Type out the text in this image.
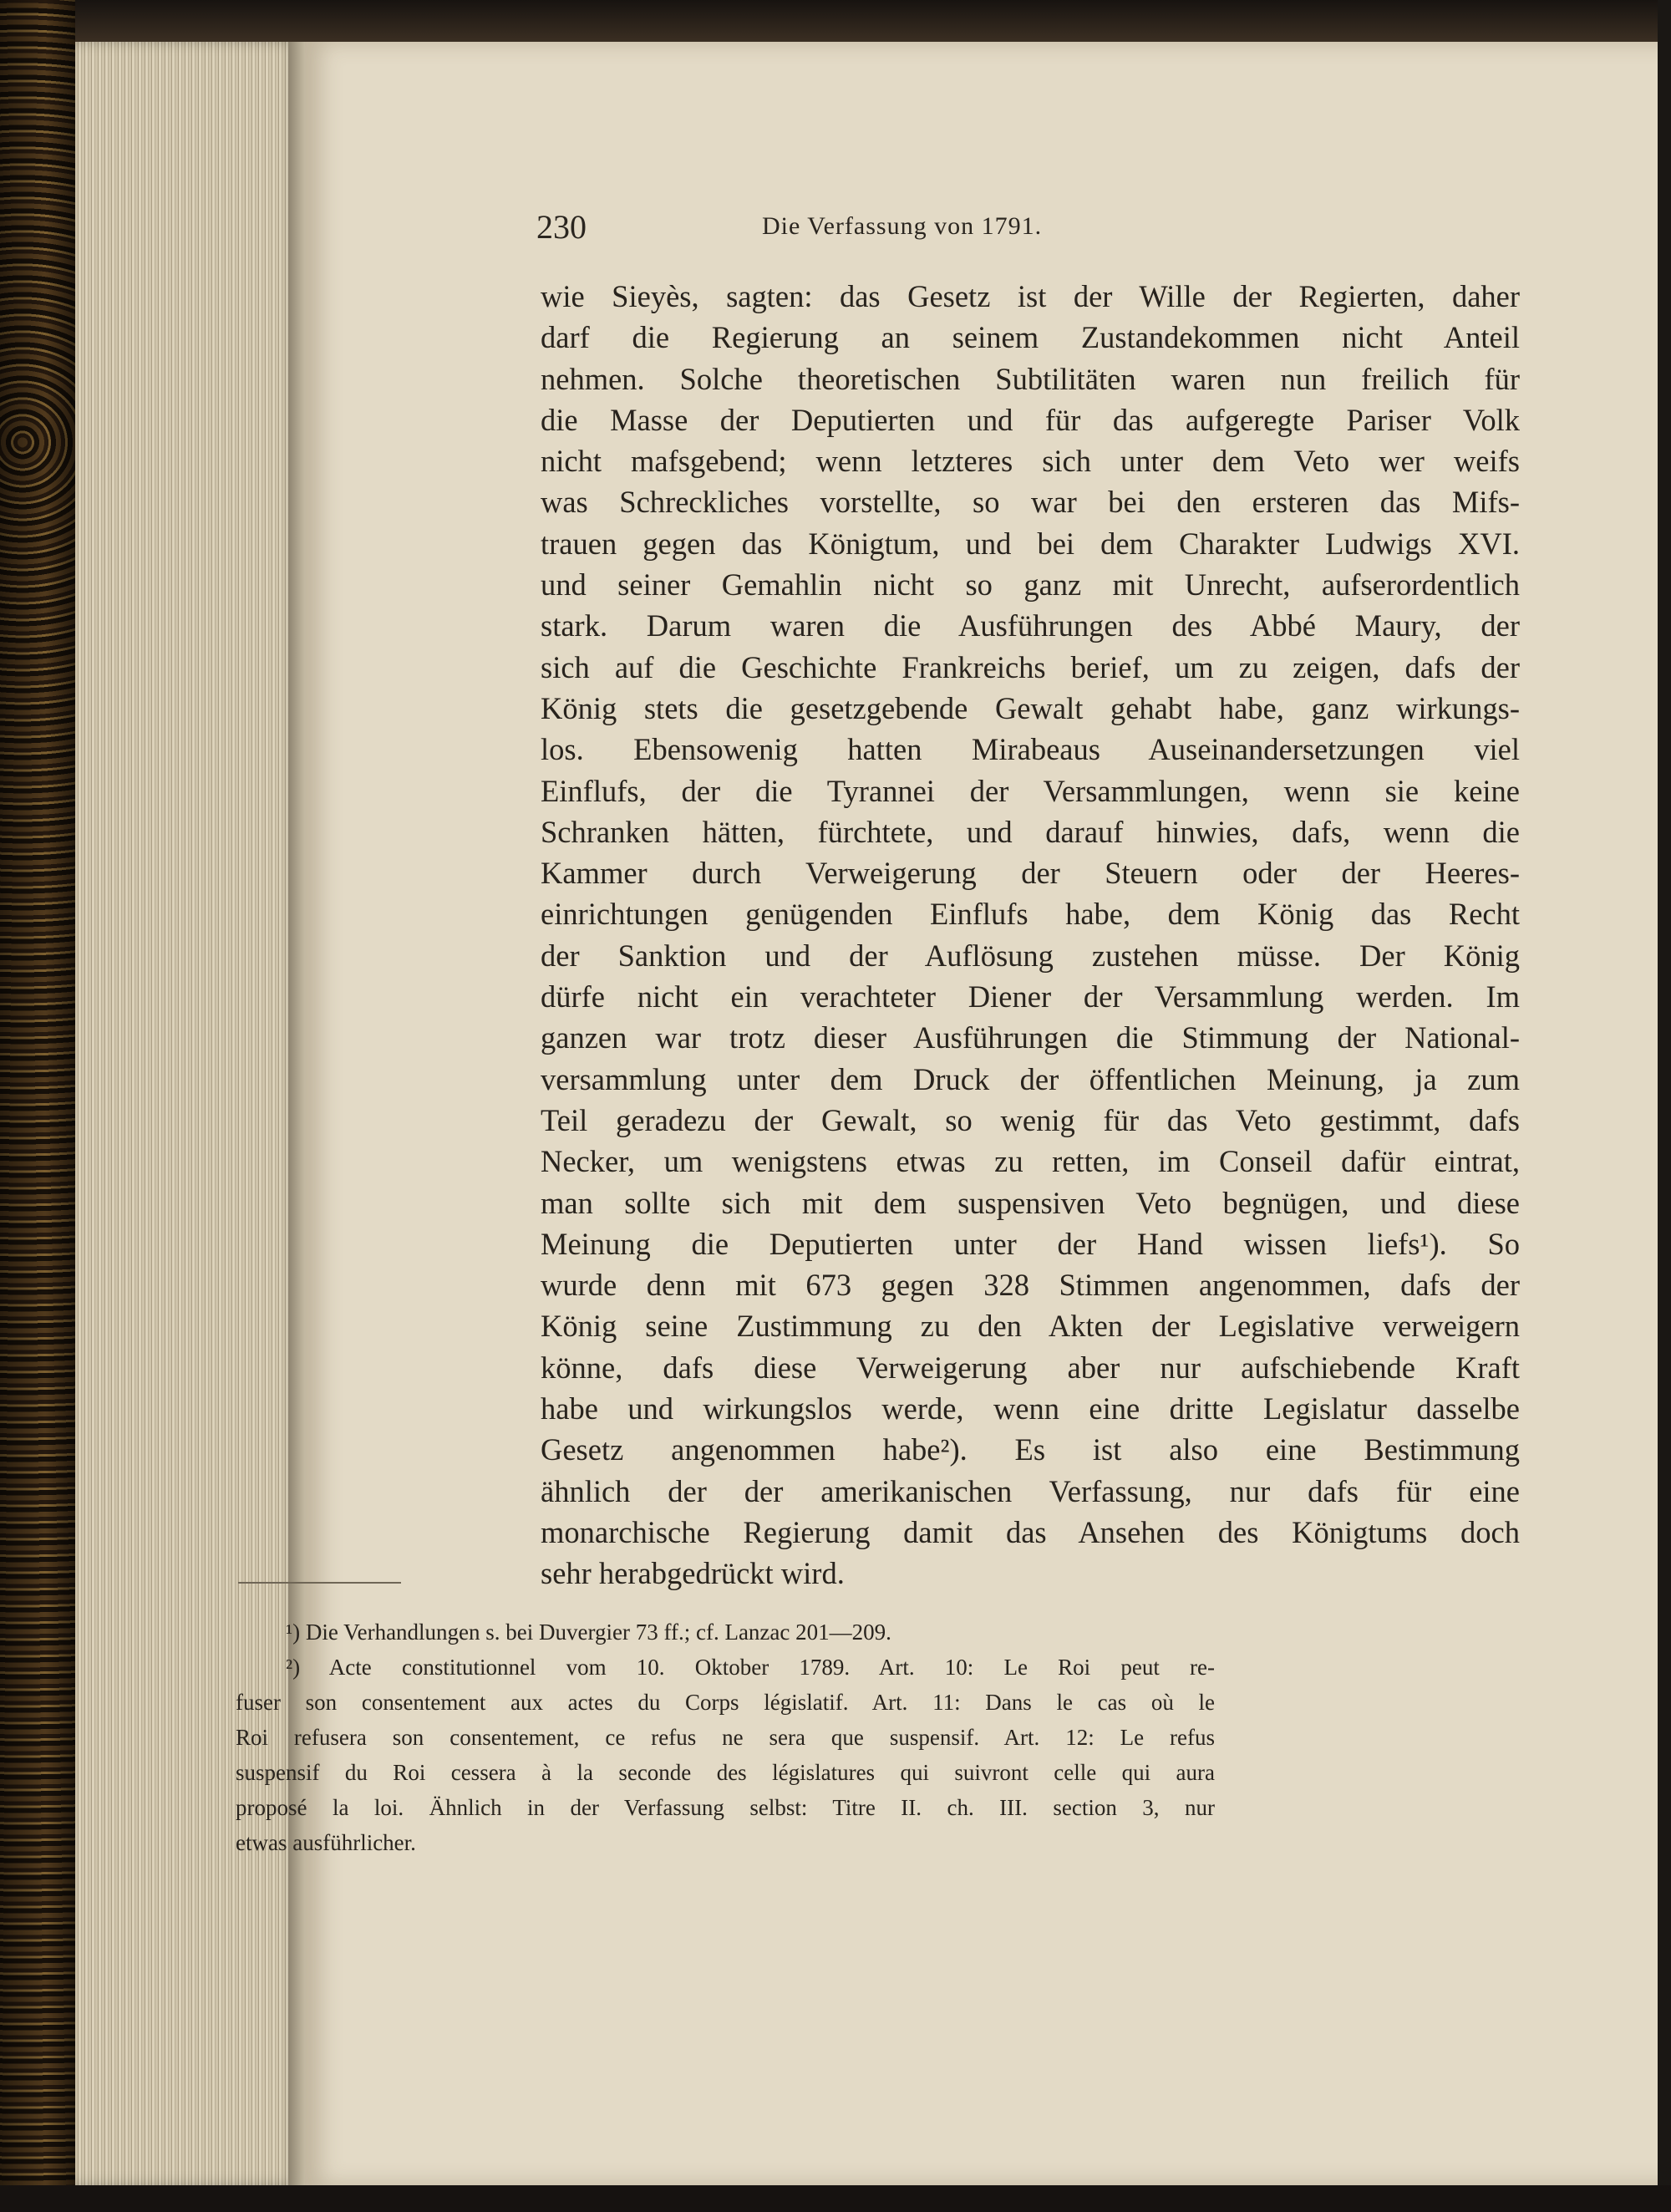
230	Die Verfassung von 1791.
wie Sieyès, sagten: das Gesetz ist der Wille der Regierten, daher
darf die Regierung an seinem Zustandekommen nicht Anteil
nehmen. Solche theoretischen Subtilitäten waren nun freilich für
die Masse der Deputierten und für das aufgeregte Pariser Volk
nicht mafsgebend; wenn letzteres sich unter dem Veto wer weifs
was Schreckliches vorstellte, so war bei den ersteren das Mifs-
trauen gegen das Königtum, und bei dem Charakter Ludwigs XVI.
und seiner Gemahlin nicht so ganz mit Unrecht, aufserordentlich
stark. Darum waren die Ausführungen des Abbé Maury, der
sich auf die Geschichte Frankreichs berief, um zu zeigen, dafs der
König stets die gesetzgebende Gewalt gehabt habe, ganz wirkungs-
los. Ebensowenig hatten Mirabeaus Auseinandersetzungen viel
Einflufs, der die Tyrannei der Versammlungen, wenn sie keine
Schranken hätten, fürchtete, und darauf hinwies, dafs, wenn die
Kammer durch Verweigerung der Steuern oder der Heeres-
einrichtungen genügenden Einflufs habe, dem König das Recht
der Sanktion und der Auflösung zustehen müsse. Der König
dürfe nicht ein verachteter Diener der Versammlung werden. Im
ganzen war trotz dieser Ausführungen die Stimmung der National-
versammlung unter dem Druck der öffentlichen Meinung, ja zum
Teil geradezu der Gewalt, so wenig für das Veto gestimmt, dafs
Necker, um wenigstens etwas zu retten, im Conseil dafür eintrat,
man sollte sich mit dem suspensiven Veto begnügen, und diese
Meinung die Deputierten unter der Hand wissen liefs¹). So
wurde denn mit 673 gegen 328 Stimmen angenommen, dafs der
König seine Zustimmung zu den Akten der Legislative verweigern
könne, dafs diese Verweigerung aber nur aufschiebende Kraft
habe und wirkungslos werde, wenn eine dritte Legislatur dasselbe
Gesetz angenommen habe²). Es ist also eine Bestimmung
ähnlich der der amerikanischen Verfassung, nur dafs für eine
monarchische Regierung damit das Ansehen des Königtums doch
sehr herabgedrückt wird.
¹) Die Verhandlungen s. bei Duvergier 73 ff.; cf. Lanzac 201—209.
²) Acte constitutionnel vom 10. Oktober 1789. Art. 10: Le Roi peut re-
fuser son consentement aux actes du Corps législatif. Art. 11: Dans le cas où le
Roi refusera son consentement, ce refus ne sera que suspensif. Art. 12: Le refus
suspensif du Roi cessera à la seconde des législatures qui suivront celle qui aura
proposé la loi. Ähnlich in der Verfassung selbst: Titre II. ch. III. section 3, nur
etwas ausführlicher.
